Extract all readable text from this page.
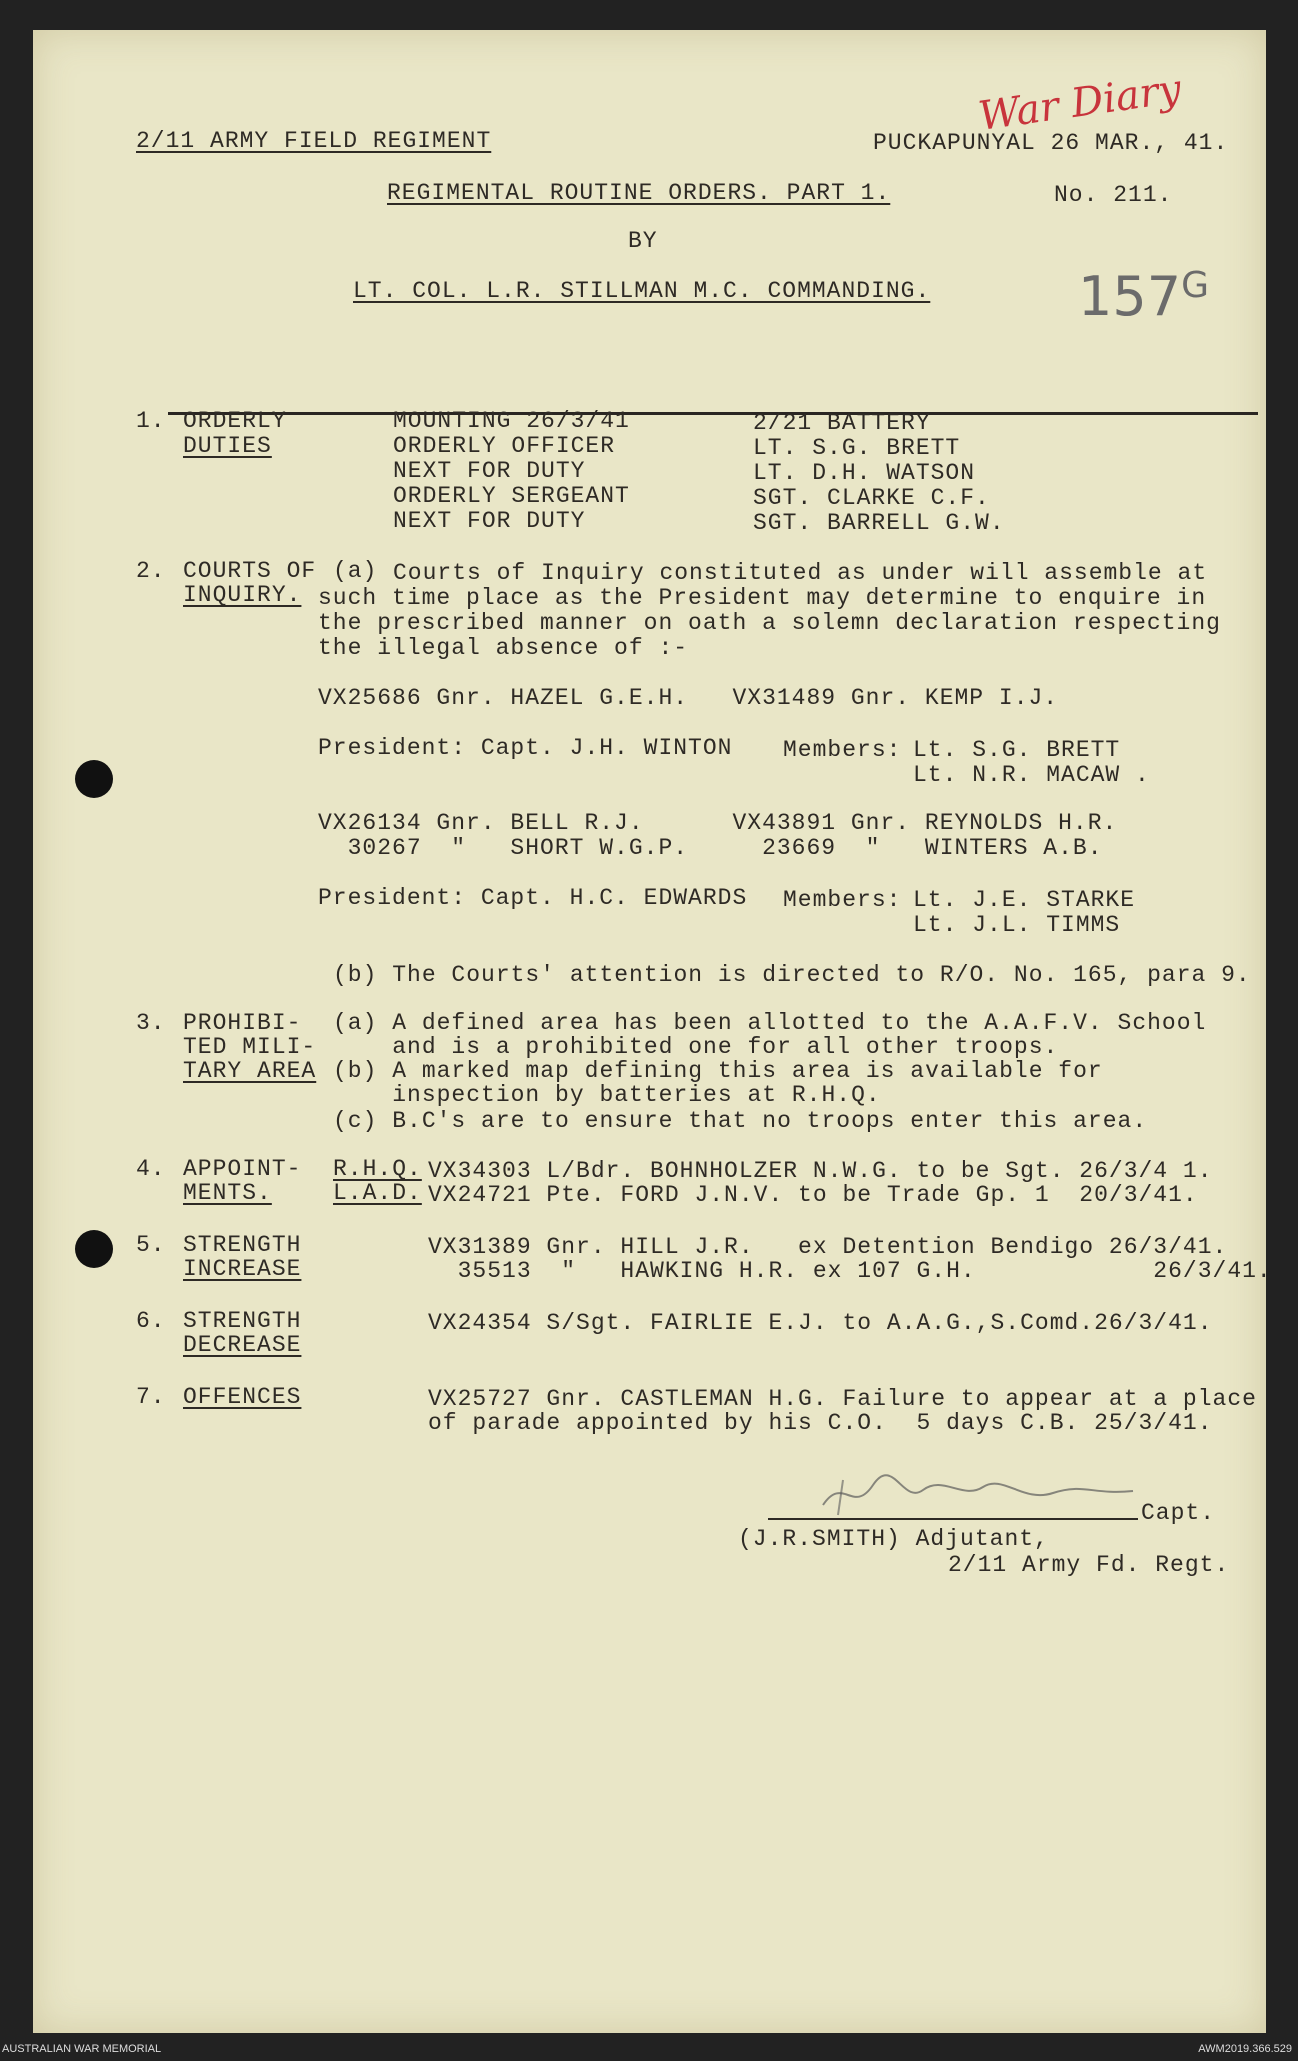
War Diary
$157^G$
2/11 ARMY FIELD REGIMENT	PUCKAPUNYAL 26 MAR., 41.
REGIMENTAL ROUTINE ORDERS. PART 1.	No. 211.
BY
LT. COL. L.R. STILLMAN M.C. COMMANDING.
1. ORDERLY
DUTIES
MOUNTING 26/3/41	2/21 BATTERY
ORDERLY OFFICER	LT. S.G. BRETT
NEXT FOR DUTY	LT. D.H. WATSON
ORDERLY SERGEANT	SGT. CLARKE C.F.
NEXT FOR DUTY	SGT. BARRELL G.W.
2. COURTS OF
INQUIRY.
(a) Courts of Inquiry constituted as under will assemble at
such time place as the President may determine to enquire in
the prescribed manner on oath a solemn declaration respecting
the illegal absence of :-
VX25686 Gnr. HAZEL G.E.H.   VX31489 Gnr. KEMP I.J.
President: Capt. J.H. WINTON Members: Lt. S.G. BRETT
Lt. N.R. MACAW .
VX26134 Gnr. BELL R.J.      VX43891 Gnr. REYNOLDS H.R.
30267  "   SHORT W.G.P.     23669  "   WINTERS A.B.
President: Capt. H.C. EDWARDS Members: Lt. J.E. STARKE
Lt. J.L. TIMMS
(b) The Courts' attention is directed to R/O. No. 165, para 9.
3. PROHIBI-
TED MILI-
TARY AREA
(a) A defined area has been allotted to the A.A.F.V. School
and is a prohibited one for all other troops.
(b) A marked map defining this area is available for
inspection by batteries at R.H.Q.
(c) B.C's are to ensure that no troops enter this area.
4. APPOINT-
MENTS.
R.H.Q. VX34303 L/Bdr. BOHNHOLZER N.W.G. to be Sgt. 26/3/4 1.
L.A.D. VX24721 Pte. FORD J.N.V. to be Trade Gp. 1  20/3/41.
5. STRENGTH
INCREASE
VX31389 Gnr. HILL J.R.   ex Detention Bendigo 26/3/41.
35513  "   HAWKING H.R. ex 107 G.H.            26/3/41.
6. STRENGTH
DECREASE
VX24354 S/Sgt. FAIRLIE E.J. to A.A.G.,S.Comd.26/3/41.
7. OFFENCES	VX25727 Gnr. CASTLEMAN H.G. Failure to appear at a place
of parade appointed by his C.O.  5 days C.B. 25/3/41.
Capt.
(J.R.SMITH) Adjutant,
2/11 Army Fd. Regt.
AUSTRALIAN WAR MEMORIAL	AWM2019.366.529
